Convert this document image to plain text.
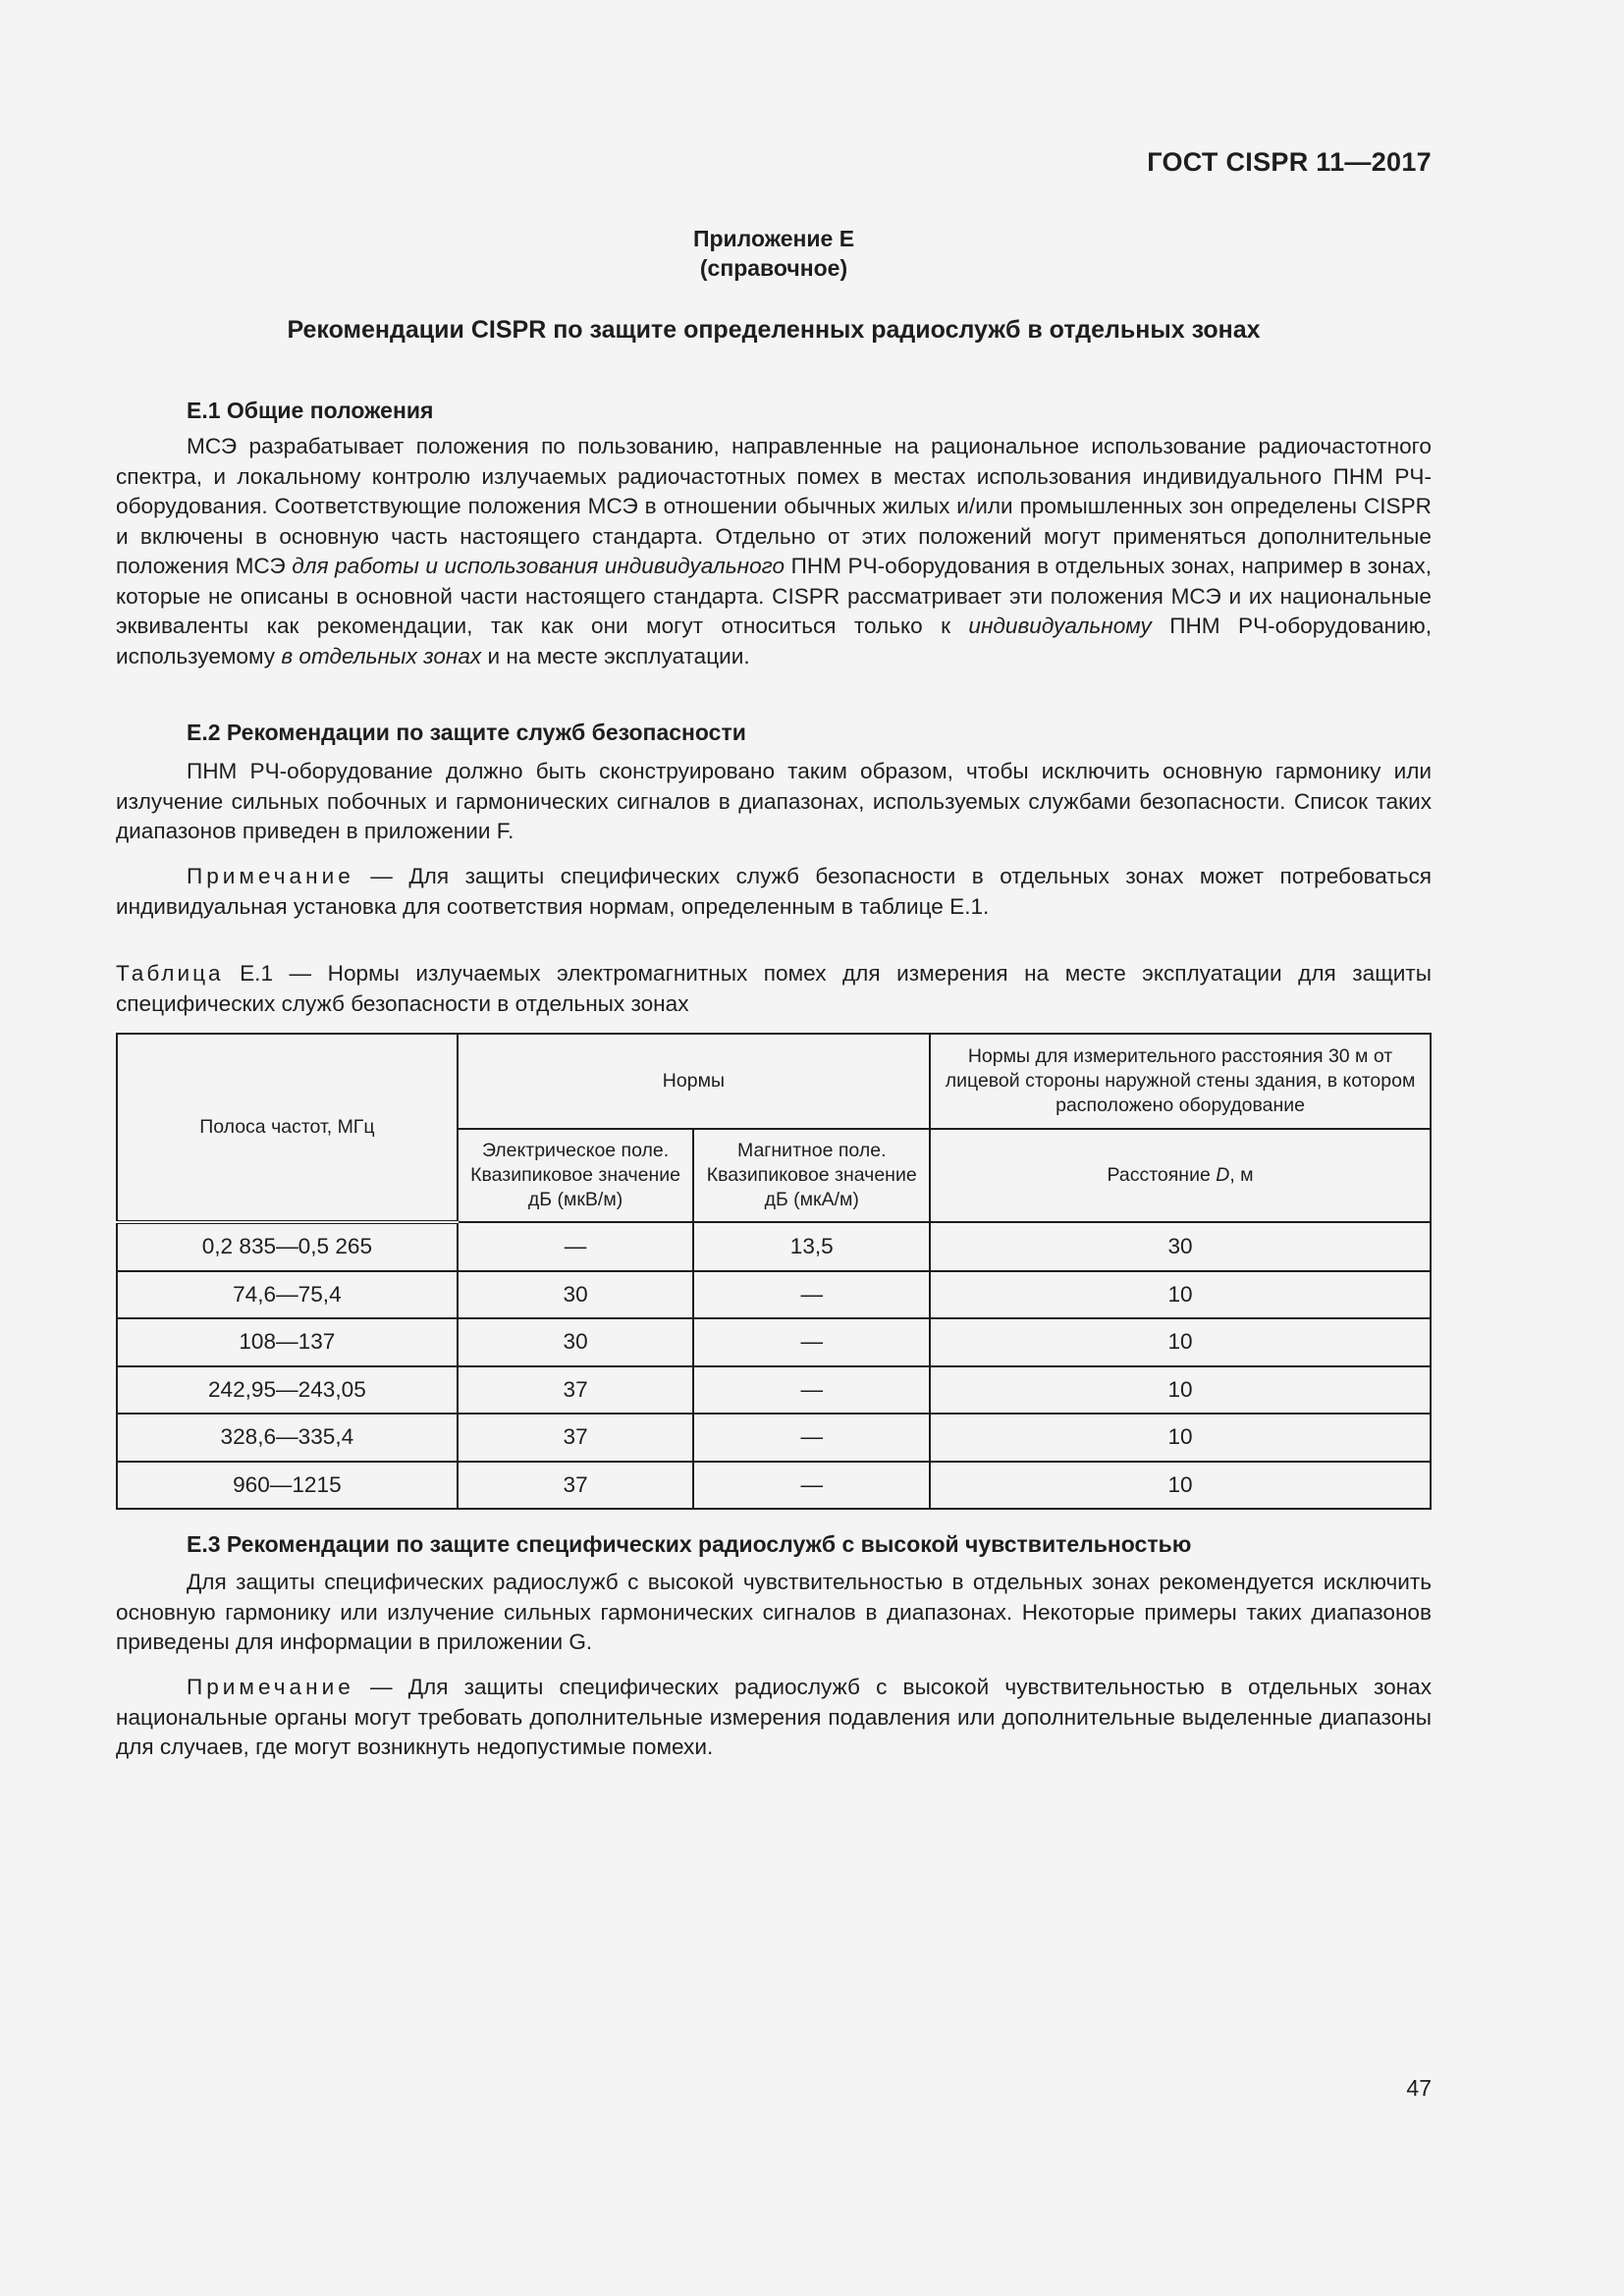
ГОСТ CISPR 11—2017
Приложение Е
(справочное)
Рекомендации CISPR по защите определенных радиослужб в отдельных зонах
Е.1 Общие положения

МСЭ разрабатывает положения по пользованию, направленные на рациональное использование радиочастотного спектра, и локальному контролю излучаемых радиочастотных помех в местах использования индивидуального ПНМ РЧ-оборудования. Соответствующие положения МСЭ в отношении обычных жилых и/или промышленных зон определены CISPR и включены в основную часть настоящего стандарта. Отдельно от этих положений могут применяться дополнительные положения МСЭ для работы и использования индивидуального ПНМ РЧ-оборудования в отдельных зонах, например в зонах, которые не описаны в основной части настоящего стандарта. CISPR рассматривает эти положения МСЭ и их национальные эквиваленты как рекомендации, так как они могут относиться только к индивидуальному ПНМ РЧ-оборудованию, используемому в отдельных зонах и на месте эксплуатации.

Е.2 Рекомендации по защите служб безопасности

ПНМ РЧ-оборудование должно быть сконструировано таким образом, чтобы исключить основную гармонику или излучение сильных побочных и гармонических сигналов в диапазонах, используемых службами безопасности. Список таких диапазонов приведен в приложении F.

Примечание — Для защиты специфических служб безопасности в отдельных зонах может потребоваться индивидуальная установка для соответствия нормам, определенным в таблице Е.1.

Таблица Е.1 — Нормы излучаемых электромагнитных помех для измерения на месте эксплуатации для защиты специфических служб безопасности в отдельных зонах

Полоса частот, МГц	Нормы		Нормы для измерительного расстояния 30 м от лицевой стороны наружной стены здания, в котором расположено оборудование
	Электрическое поле. Квазипиковое значение дБ (мкВ/м)	Магнитное поле. Квазипиковое значение дБ (мкА/м)	Расстояние D, м
0,2 835—0,5 265	—	13,5	30
74,6—75,4	30	—	10
108—137	30	—	10
242,95—243,05	37	—	10
328,6—335,4	37	—	10
960—1215	37	—	10
Е.3 Рекомендации по защите специфических радиослужб с высокой чувствительностью

Для защиты специфических радиослужб с высокой чувствительностью в отдельных зонах рекомендуется исключить основную гармонику или излучение сильных гармонических сигналов в диапазонах. Некоторые примеры таких диапазонов приведены для информации в приложении G.

Примечание — Для защиты специфических радиослужб с высокой чувствительностью в отдельных зонах национальные органы могут требовать дополнительные измерения подавления или дополнительные выделенные диапазоны для случаев, где могут возникнуть недопустимые помехи.

47
